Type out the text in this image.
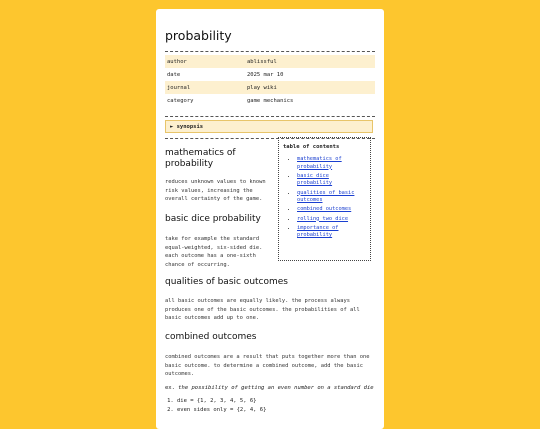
probability
author	ablissful
date	2025 mar 10
journal	play wiki
category	game mechanics
► synopsis
table of contents
• mathematics of probability
• basic dice probability
• qualities of basic outcomes
• combined outcomes
• rolling two dice
• importance of probability
mathematics of probability

reduces unknown values to known risk values, increasing the overall certainty of the game.

basic dice probability

take for example the standard equal-weighted, six-sided die. each outcome has a one-sixth chance of occurring.

qualities of basic outcomes

all basic outcomes are equally likely. the process always produces one of the basic outcomes. the probabilities of all basic outcomes add up to one.

combined outcomes

combined outcomes are a result that puts together more than one basic outcome. to determine a combined outcome, add the basic outcomes.

ex. the possibility of getting an even number on a standard die
1. die = {1, 2, 3, 4, 5, 6}
2. even sides only = {2, 4, 6}
